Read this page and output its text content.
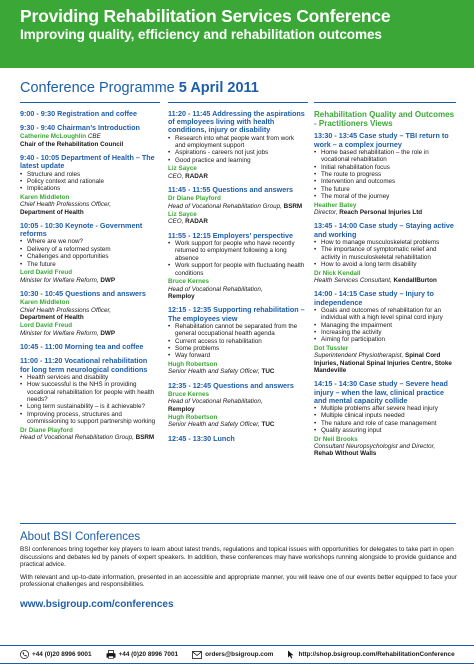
Providing Rehabilitation Services Conference
Improving quality, efficiency and rehabilitation outcomes
Conference Programme 5 April 2011
9:00 - 9:30 Registration and coffee
9:30 - 9:40 Chairman’s Introduction
Catherine McLoughlin CBE
Chair of the Rehabilitation Council
9:40 - 10:05 Department of Health – The latest update
• Structure and roles
• Policy context and rationale
• Implications
Karen Middleton
Chief Health Professions Officer,
Department of Health
10:05 - 10:30 Keynote - Government reforms
• Where are we now?
• Delivery of a reformed system
• Challenges and opportunities
• The future
Lord David Freud
Minister for Welfare Reform, DWP
10:30 - 10:45 Questions and answers
Karen Middleton
Chief Health Professions Officer,
Department of Health
Lord David Freud
Minister for Welfare Reform, DWP
10:45 - 11:00 Morning tea and coffee
11:00 - 11:20 Vocational rehabilitation for long term neurological conditions
• Health services and disability
• How successful is the NHS in providing vocational rehabilitation for people with health needs?
• Long term sustainability – is it achievable?
• Improving process, structures and commissioning to support partnership working
Dr Diane Playford
Head of Vocational Rehabilitation Group, BSRM
11:20 - 11:45 Addressing the aspirations of employees living with health conditions, injury or disability
• Research into what people want from work and employment support
• Aspirations - careers not just jobs
• Good practice and learning
Liz Sayce
CEO, RADAR
11:45 - 11:55 Questions and answers
Dr Diane Playford
Head of Vocational Rehabilitation Group, BSRM
Liz Sayce
CEO, RADAR
11:55 - 12:15 Employers’ perspective
• Work support for people who have recently returned to employment following a long absence
• Work support for people with fluctuating health conditions
Bruce Kernes
Head of Vocational Rehabilitation,
Remploy
12:15 - 12:35 Supporting rehabilitation – The employees view
• Rehabilitation cannot be separated from the general occupational health agenda
• Current access to rehabilitation
• Some problems
• Way forward
Hugh Robertson
Senior Health and Safety Officer, TUC
12:35 - 12:45 Questions and answers
Bruce Kernes
Head of Vocational Rehabilitation,
Remploy
Hugh Robertson
Senior Health and Safety Officer, TUC
12:45 - 13:30 Lunch
Rehabilitation Quality and Outcomes - Practitioners Views
13:30 - 13:45 Case study – TBI return to work – a complex journey
• Home based rehabilitation – the role in vocational rehabilitation
• Initial rehabilitation focus
• The route to progress
• Intervention and outcomes
• The future
• The moral of the journey
Heather Batey
Director, Reach Personal Injuries Ltd
13:45 - 14:00 Case study – Staying active and working
• How to manage musculoskeletal problems
• The importance of symptomatic relief and activity in musculoskeletal rehabilitation
• How to avoid a long term disability
Dr Nick Kendall
Health Services Consultant, KendallBurton
14:00 - 14:15 Case study – Injury to independence
• Goals and outcomes of rehabilitation for an individual with a high level spinal cord injury
• Managing the impairment
• Increasing the activity
• Aiming for participation
Dot Tussler
Superintendent Physiotherapist, Spinal Cord Injuries, National Spinal Injuries Centre, Stoke Mandeville
14:15 - 14:30 Case study – Severe head injury – when the law, clinical practice and mental capacity collide
• Multiple problems after severe head injury
• Multiple clinical inputs needed
• The nature and role of case management
• Quality assuring input
Dr Neil Brooks
Consultant Neuropsychologist and Director,
Rehab Without Walls
About BSI Conferences

BSI conferences bring together key players to learn about latest trends, regulations and topical issues with opportunities for delegates to take part in open discussions and debates led by panels of expert speakers. In addition, these conferences may have workshops running alongside to provide guidance and practical advice.

With relevant and up-to-date information, presented in an accessible and appropriate manner, you will leave one of our events better equipped to face your professional challenges and responsibilities.

www.bsigroup.com/conferences
+44 (0)20 8996 9001	+44 (0)20 8996 7001	orders@bsigroup.com	http://shop.bsigroup.com/RehabilitationConference
